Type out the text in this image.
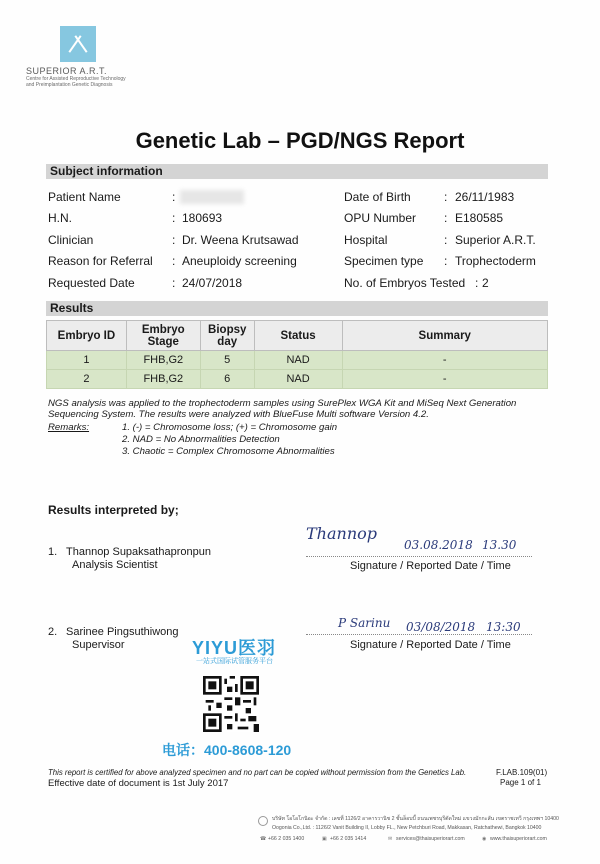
SUPERIOR A.R.T.
Centre for Assisted Reproductive Technology
and Preimplantation Genetic Diagnosis
Genetic Lab – PGD/NGS Report
Subject information
Patient Name	:
H.N.	: 180693
Clinician	: Dr. Weena Krutsawad
Reason for Referral : Aneuploidy screening
Requested Date	: 24/07/2018
Date of Birth	: 26/11/1983
OPU Number : E180585
Hospital	: Superior A.R.T.
Specimen type : Trophectoderm
No. of Embryos Tested : 2
Results
Embryo ID	Embryo Stage	Biopsy day	Status	Summary
1	FHB,G2	5	NAD	-
2	FHB,G2	6	NAD	-
NGS analysis was applied to the trophectoderm samples using SurePlex WGA Kit and MiSeq Next Generation Sequencing System. The results were analyzed with BlueFuse Multi software Version 4.2.
Remarks:	1. (-) = Chromosome loss; (+) = Chromosome gain
2. NAD = No Abnormalities Detection
3. Chaotic = Complex Chromosome Abnormalities
Results interpreted by;
1. Thannop Supaksathapronpun
Analysis Scientist
Thannop
03.08.2018 13.30
Signature / Reported Date / Time
2. Sarinee Pingsuthiwong
Supervisor
P Sarinu 03/08/2018 13:30
Signature / Reported Date / Time
YIYU医羽
一站式国际试管服务平台
电话：400-8608-120
This report is certified for above analyzed specimen and no part can be copied without permission from the Genetics Lab.
Effective date of document is 1st July 2017
F.LAB.109(01)
Page 1 of 1
บริษัท โอโอโกนิอะ จำกัด : เลขที่ 1126/2 อาคารวานิช 2 ชั้นล็อบบี้ ถนนเพชรบุรีตัดใหม่ แขวงมักกะสัน เขตราชเทวี กรุงเทพฯ 10400
Oogonia Co.,Ltd. : 1126/2 Vanit Building II, Lobby FL., New Petchburi Road, Makkasan, Ratchathewi, Bangkok 10400
☎ +66 2 035 1400	▣ +66 2 035 1414	✉ services@thaisuperiorart.com	◉ www.thaisuperiorart.com
